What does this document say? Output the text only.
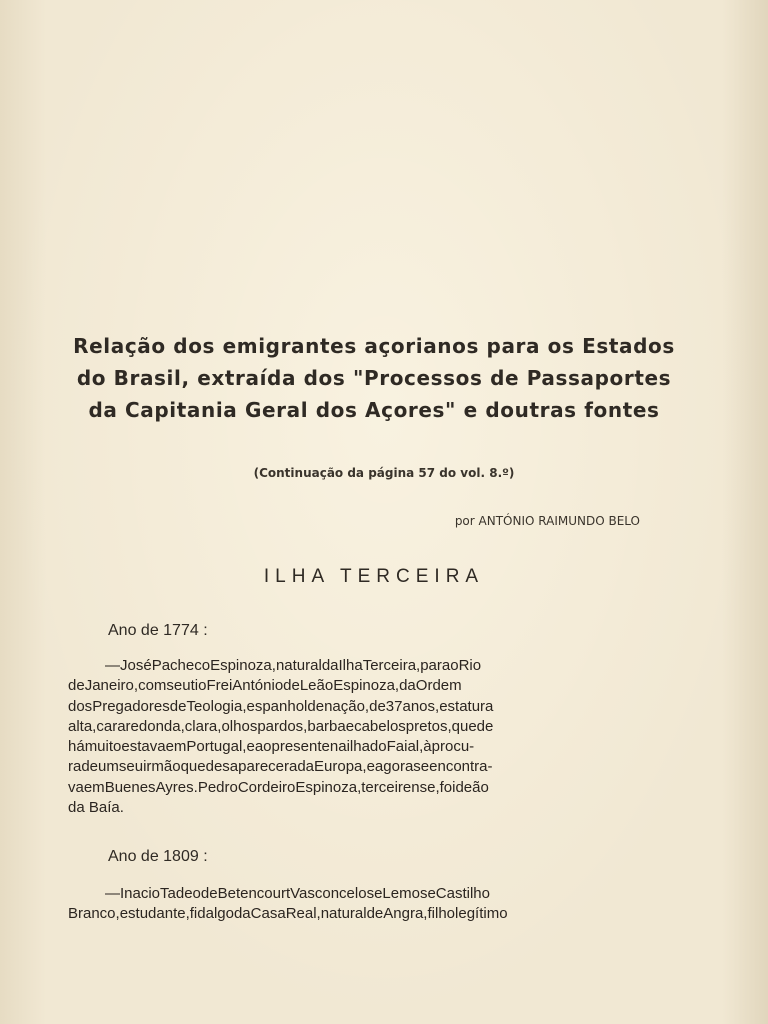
Relação dos emigrantes açorianos para os Estados
do Brasil, extraída dos "Processos de Passaportes
da Capitania Geral dos Açores" e doutras fontes
(Continuação da página 57 do vol. 8.º)
por ANTÓNIO RAIMUNDO BELO
ILHA TERCEIRA
Ano de 1774 :
—JoséPachecoEspinoza,naturaldaIlhaTerceira,paraoRio
deJaneiro,comseutioFreiAntóniodeLeãoEspinoza,daOrdem
dosPregadoresdeTeologia,espanholdenação,de37anos,estatura
alta,cararedonda,clara,olhospardos,barbaecabelospretos,quede
hámuitoestavaemPortugal,eaopresentenailhadoFaial,àprocu-
radeumseuirmãoquedesapareceradaEuropa,eagoraseencontra-
vaemBuenesAyres.PedroCordeiroEspinoza,terceirense,foideão
da Baía.
Ano de 1809 :
—InacioTadeodeBetencourtVasconceloseLemoseCastilho
Branco,estudante,fidalgodaCasaReal,naturaldeAngra,filholegítimo
